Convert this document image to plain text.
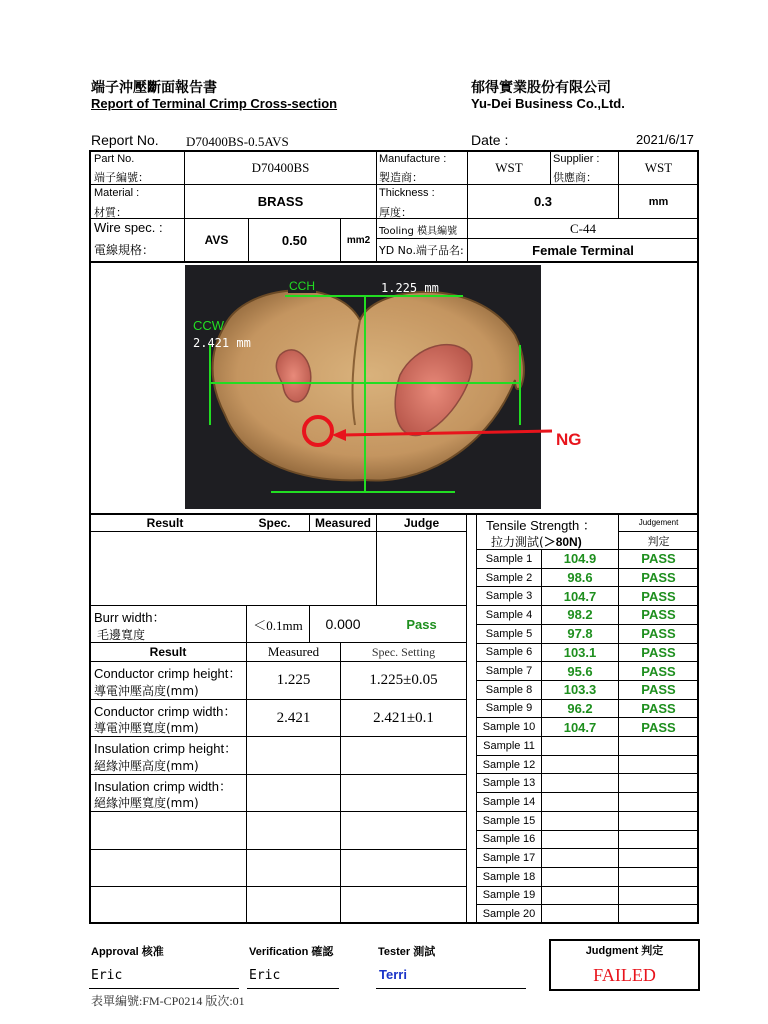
端子沖壓斷面報告書
Report of Terminal Crimp Cross-section
郁得實業股份有限公司
Yu-Dei Business Co.,Ltd.
Report No. D70400BS-0.5AVS	Date :	2021/6/17
Part No.
端子編號：
D70400BS
Manufacture :
製造商：
WST
Supplier :
供應商：
WST
Material :
材質：
BRASS
Thickness :
厚度：
0.3	mm
Wire spec. :
電線規格：
AVS	0.50	mm2
Tooling 模具編號	C-44
YD No.端子品名:	Female Terminal
CCH	1.225 mm
CCW
2.421 mm
NG
Result	Spec.	Measured	Judge
Burr width：
毛邊寬度
＜0.1mm	0.000	Pass
Result	Measured	Spec. Setting
Conductor crimp height：
導電沖壓高度(mm)
1.225	1.225±0.05
Conductor crimp width：
導電沖壓寬度(mm)
2.421	2.421±0.1
Insulation crimp height：
絕緣沖壓高度(mm)
Insulation crimp width：
絕緣沖壓寬度(mm)
Tensile Strength ：
拉力測試(＞80N)
Judgement
判定
Sample 1	104.9	PASS
Sample 2	98.6	PASS
Sample 3	104.7	PASS
Sample 4	98.2	PASS
Sample 5	97.8	PASS
Sample 6	103.1	PASS
Sample 7	95.6	PASS
Sample 8	103.3	PASS
Sample 9	96.2	PASS
Sample 10	104.7	PASS
Sample 11
Sample 12
Sample 13
Sample 14
Sample 15
Sample 16
Sample 17
Sample 18
Sample 19
Sample 20
Approval 核准
Eric
Verification 確認
Eric
Tester 測試
Terri
Judgment 判定
FAILED
表單編號:FM-CP0214 版次:01
